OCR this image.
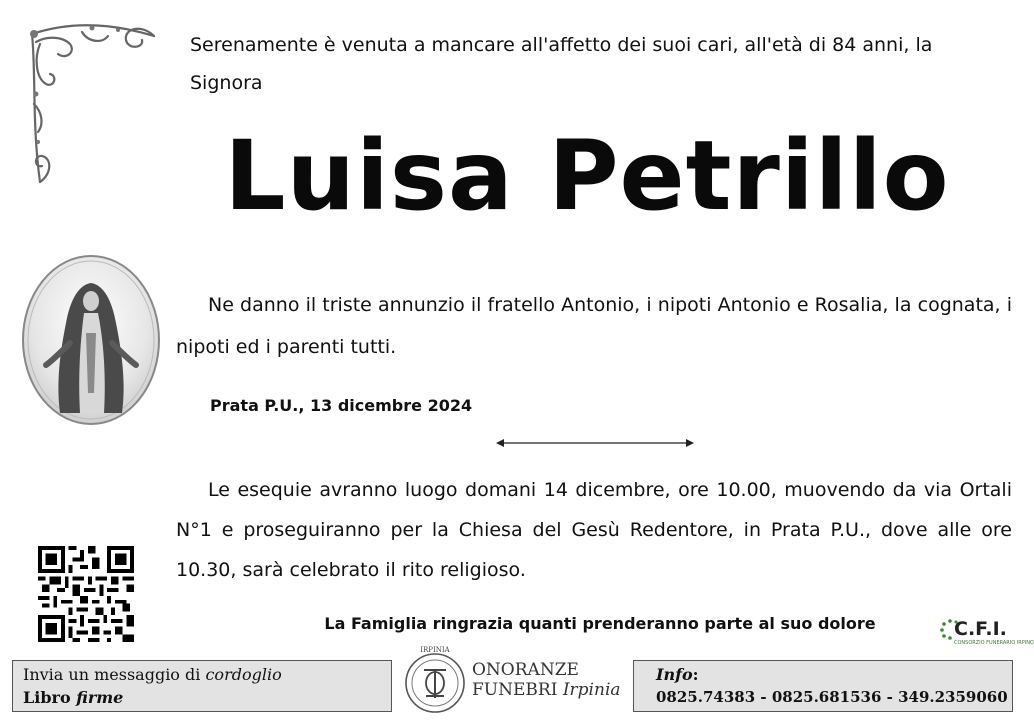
Serenamente è venuta a mancare all'affetto dei suoi cari, all'età di 84 anni, la Signora
Luisa Petrillo
Ne danno il triste annunzio il fratello Antonio, i nipoti Antonio e Rosalia, la cognata, i nipoti ed i parenti tutti.
Prata P.U., 13 dicembre 2024
Le esequie avranno luogo domani 14 dicembre, ore 10.00, muovendo da via Ortali N°1 e proseguiranno per la Chiesa del Gesù Redentore, in Prata P.U., dove alle ore 10.30, sarà celebrato il rito religioso.
La Famiglia ringrazia quanti prenderanno parte al suo dolore	C.F.I.
CONSORZIO FUNERARIO IRPINO
Invia un messaggio di cordoglio
Libro firme
IRPINIA
ONORANZE
FUNEBRI Irpinia
Info:
0825.74383 - 0825.681536 - 349.2359060
